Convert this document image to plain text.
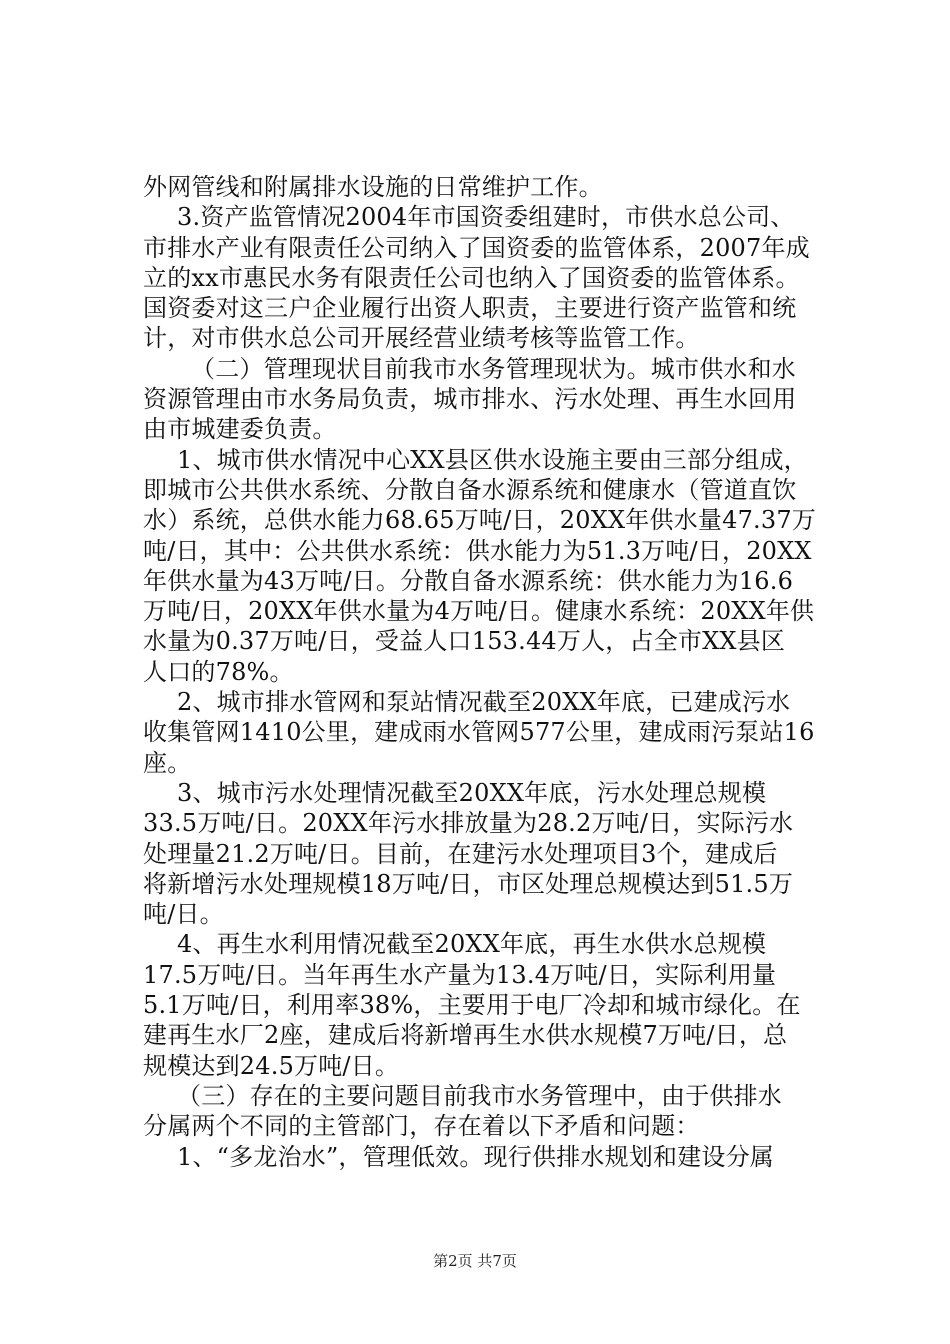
外网管线和附属排水设施的日常维护工作。
3.资产监管情况2004年市国资委组建时，市供水总公司、
市排水产业有限责任公司纳入了国资委的监管体系，2007年成
立的xx市惠民水务有限责任公司也纳入了国资委的监管体系。
国资委对这三户企业履行出资人职责，主要进行资产监管和统
计，对市供水总公司开展经营业绩考核等监管工作。
（二）管理现状目前我市水务管理现状为。城市供水和水
资源管理由市水务局负责，城市排水、污水处理、再生水回用
由市城建委负责。
1、城市供水情况中心XX县区供水设施主要由三部分组成，
即城市公共供水系统、分散自备水源系统和健康水（管道直饮
水）系统，总供水能力68.65万吨/日，20XX年供水量47.37万
吨/日，其中：公共供水系统：供水能力为51.3万吨/日，20XX
年供水量为43万吨/日。分散自备水源系统：供水能力为16.6
万吨/日，20XX年供水量为4万吨/日。健康水系统：20XX年供
水量为0.37万吨/日，受益人口153.44万人，占全市XX县区
人口的78%。
2、城市排水管网和泵站情况截至20XX年底，已建成污水
收集管网1410公里，建成雨水管网577公里，建成雨污泵站16
座。
3、城市污水处理情况截至20XX年底，污水处理总规模
33.5万吨/日。20XX年污水排放量为28.2万吨/日，实际污水
处理量21.2万吨/日。目前，在建污水处理项目3个，建成后
将新增污水处理规模18万吨/日，市区处理总规模达到51.5万
吨/日。
4、再生水利用情况截至20XX年底，再生水供水总规模
17.5万吨/日。当年再生水产量为13.4万吨/日，实际利用量
5.1万吨/日，利用率38%，主要用于电厂冷却和城市绿化。在
建再生水厂2座，建成后将新增再生水供水规模7万吨/日，总
规模达到24.5万吨/日。
（三）存在的主要问题目前我市水务管理中，由于供排水
分属两个不同的主管部门，存在着以下矛盾和问题：
1、“多龙治水”，管理低效。现行供排水规划和建设分属
第2页 共7页
